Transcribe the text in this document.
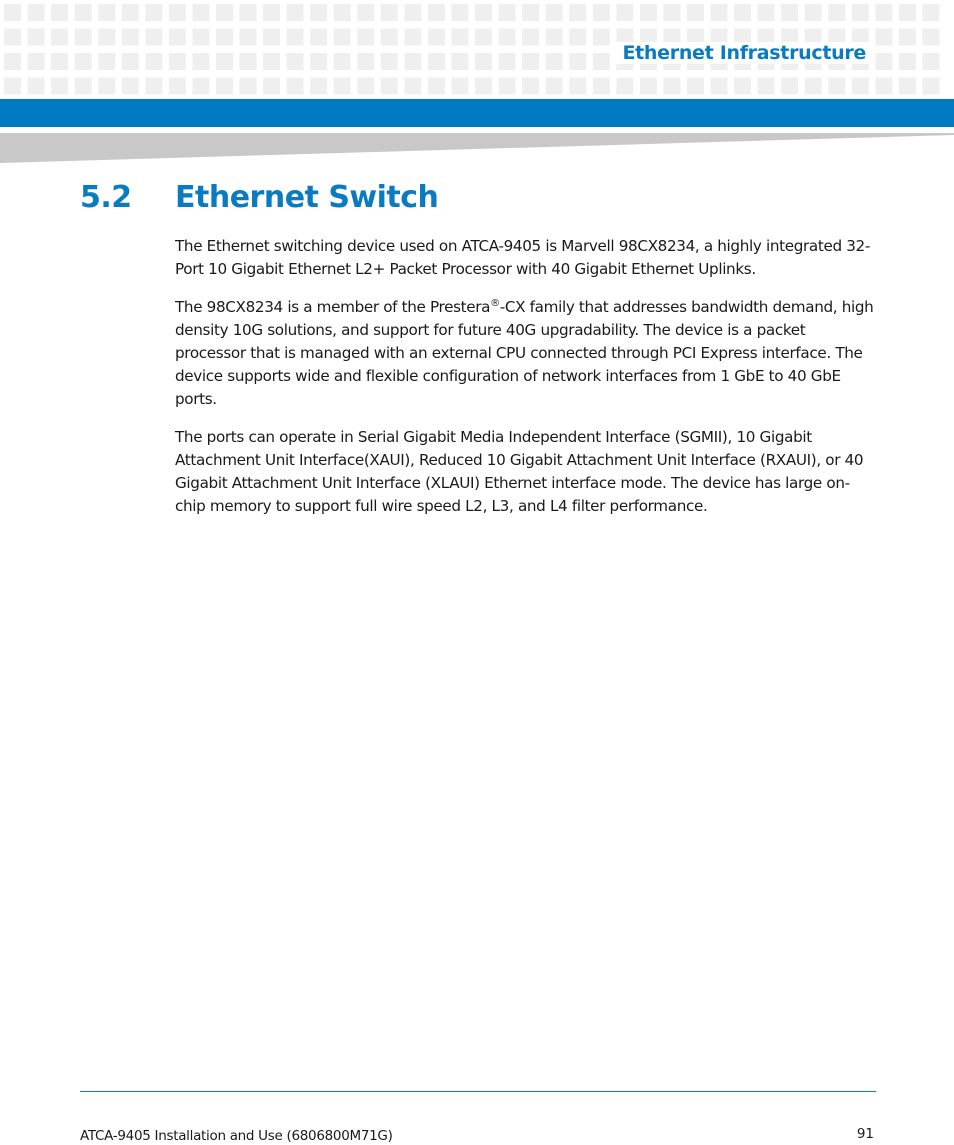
Ethernet Infrastructure
5.2 Ethernet Switch

The Ethernet switching device used on ATCA-9405 is Marvell 98CX8234, a highly integrated 32-Port 10 Gigabit Ethernet L2+ Packet Processor with 40 Gigabit Ethernet Uplinks.

The 98CX8234 is a member of the Prestera®-CX family that addresses bandwidth demand, high density 10G solutions, and support for future 40G upgradability. The device is a packet processor that is managed with an external CPU connected through PCI Express interface. The device supports wide and flexible configuration of network interfaces from 1 GbE to 40 GbE ports.

The ports can operate in Serial Gigabit Media Independent Interface (SGMII), 10 Gigabit Attachment Unit Interface(XAUI), Reduced 10 Gigabit Attachment Unit Interface (RXAUI), or 40 Gigabit Attachment Unit Interface (XLAUI) Ethernet interface mode. The device has large on-chip memory to support full wire speed L2, L3, and L4 filter performance.

ATCA-9405 Installation and Use (6806800M71G)	91
